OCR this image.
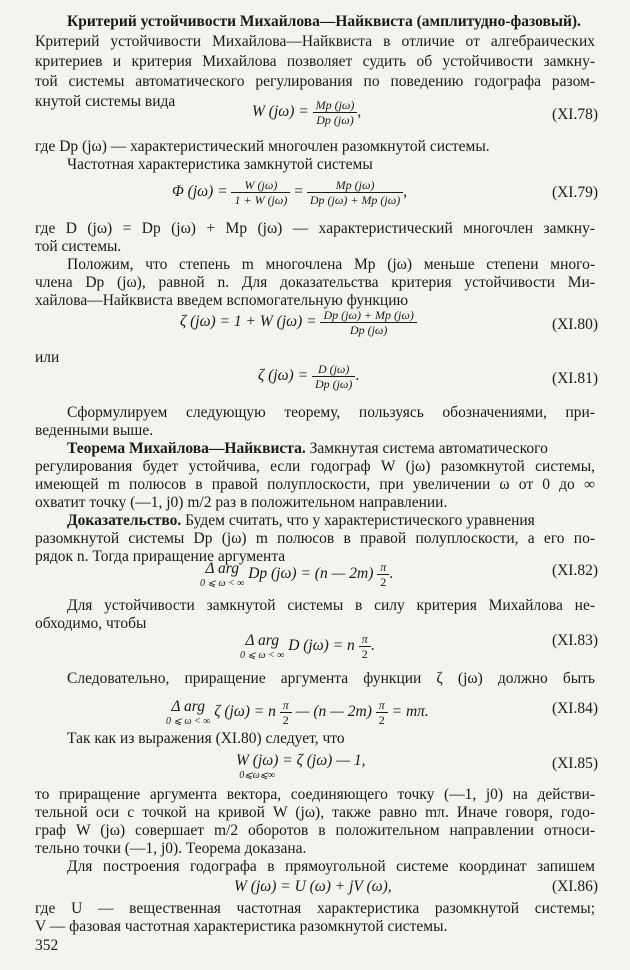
Критерий устойчивости Михайлова—Найквиста (амплитудно-фазовый).
Критерий устойчивости Михайлова—Найквиста в отличие от алгебраических
критериев и критерия Михайлова позволяет судить об устойчивости замкну-
той системы автоматического регулирования по поведению годографа разом-
кнутой системы вида
W $(j\omega) = \frac{Mр (j\omega)}{Dр (j\omega)}$ ,	(XI.78)
где Dр (jω) — характеристический многочлен разомкнутой системы.
Частотная характеристика замкнутой системы
Φ $(j\omega) = \frac{W (j\omega)}{1 + W (j\omega)} = \frac{Mр (j\omega)}{Dр (j\omega) + Mр (j\omega)}$ ,	(XI.79)
где D (jω) = Dр (jω) + Mр (jω) — характеристический многочлен замкну-
той системы.
Положим, что степень m многочлена Mр (jω) меньше степени много-
члена Dр (jω), равной n. Для доказательства критерия устойчивости Ми-
хайлова—Найквиста введем вспомогательную функцию
ζ (jω) = 1 + W $(j\omega) = \frac{Dр (j\omega) + Mр (j\omega)}{Dр (j\omega)}$	(XI.80)
или
ζ $(j\omega) = \frac{D (j\omega)}{Dр (j\omega)}$ .	(XI.81)
Сформулируем следующую теорему, пользуясь обозначениями, при-
веденными выше.
Теорема Михайлова—Найквиста. Замкнутая система автоматического
регулирования будет устойчива, если годограф W (jω) разомкнутой системы,
имеющей m полюсов в правой полуплоскости, при увеличении ω от 0 до ∞
охватит точку (—1, j0) m/2 раз в положительном направлении.
Доказательство. Будем считать, что у характеристического уравнения
разомкнутой системы Dр (jω) m полюсов в правой полуплоскости, а его по-
рядок n. Тогда приращение аргумента
Δ arg
0 ⩽ ω < ∞
Dр (jω) = (n — $2m) \frac{\pi}{2}$ .	(XI.82)
Для устойчивости замкнутой системы в силу критерия Михайлова не-
обходимо, чтобы
Δ arg
0 ⩽ ω < ∞
D (jω) = n $\frac{\pi}{2}$ .	(XI.83)
Следовательно, приращение аргумента функции ζ (jω) должно быть
Δ arg
0 ⩽ ω < ∞
ζ (jω) = n $\frac{\pi}{2}$ — (n — $2m) \frac{\pi}{2} = m\pi$.	(XI.84)
Так как из выражения (XI.80) следует, что
W (jω)
0⩽ω⩽∞
= ζ (jω) — 1,	(XI.85)
то приращение аргумента вектора, соединяющего точку (—1, j0) на действи-
тельной оси с точкой на кривой W (jω), также равно mπ. Иначе говоря, годо-
граф W (jω) совершает m/2 оборотов в положительном направлении относи-
тельно точки (—1, j0). Теорема доказана.
Для построения годографа в прямоугольной системе координат запишем
W (jω) = U (ω) + jV (ω),	(XI.86)
где U — вещественная частотная характеристика разомкнутой системы;
V — фазовая частотная характеристика разомкнутой системы.
352
